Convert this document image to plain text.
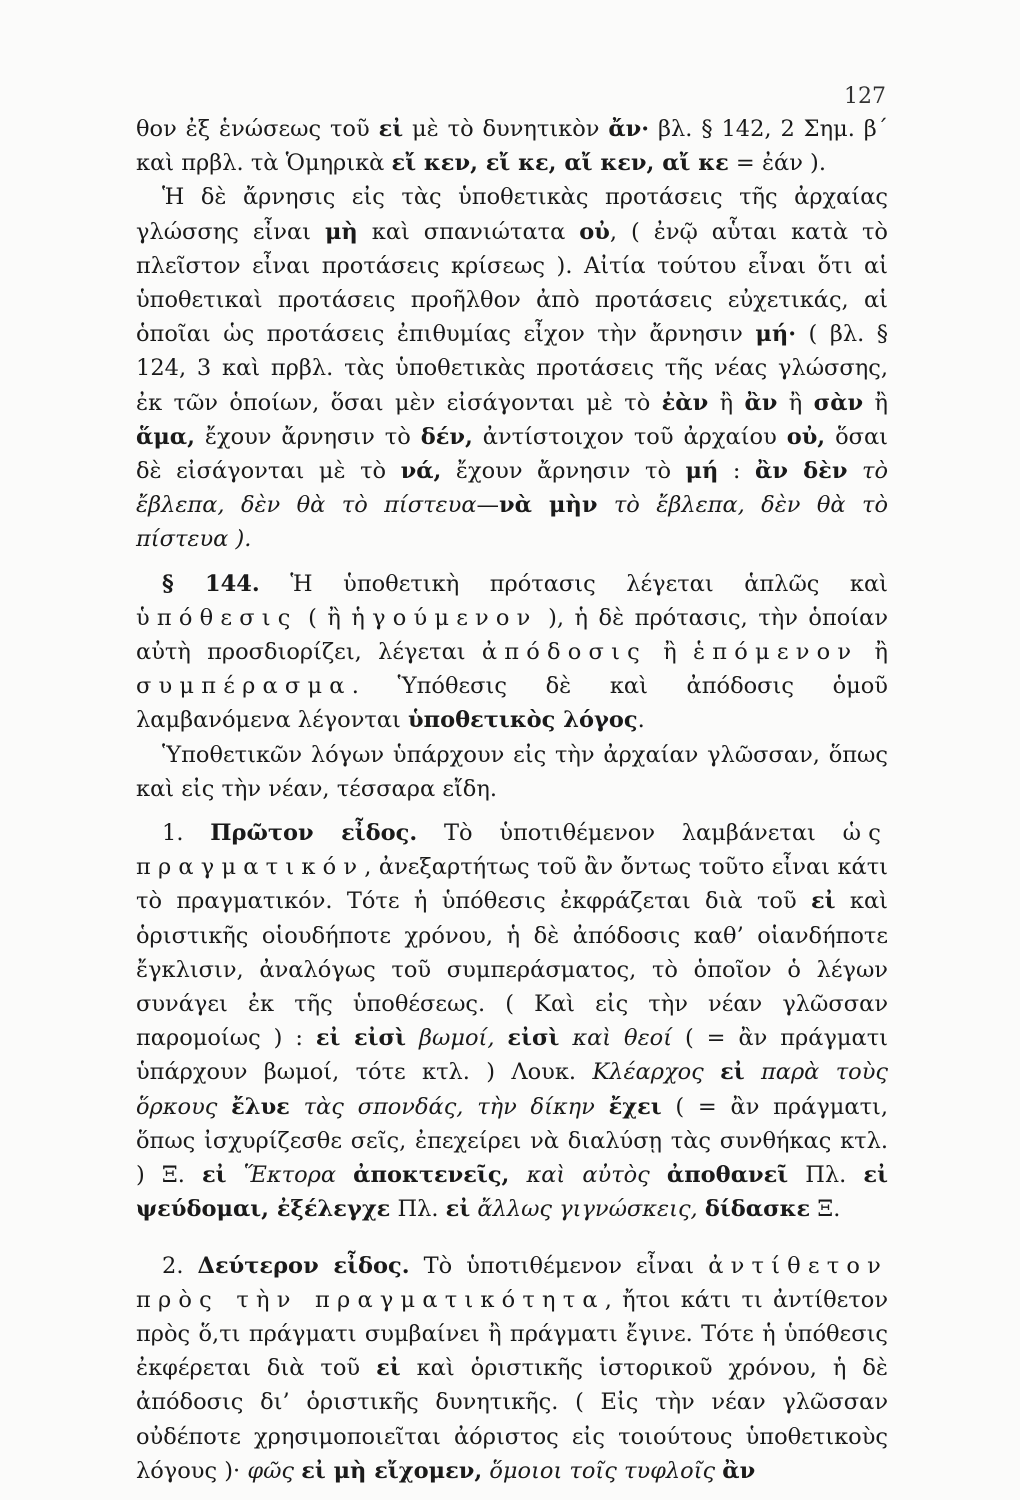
127

θον ἐξ ἑνώσεως τοῦ εἰ μὲ τὸ δυνητικὸν ἄν· βλ. § 142, 2 Σημ. β΄ καὶ πρβλ. τὰ Ὁμηρικὰ εἴ κεν, εἴ κε, αἴ κεν, αἴ κε = ἐάν ).

Ἡ δὲ ἄρνησις εἰς τὰς ὑποθετικὰς προτάσεις τῆς ἀρχαίας γλώσσης εἶναι μὴ καὶ σπανιώτατα οὐ, ( ἐνῷ αὗται κατὰ τὸ πλεῖστον εἶναι προτάσεις κρίσεως ). Αἰτία τούτου εἶναι ὅτι αἱ ὑποθετικαὶ προτάσεις προῆλθον ἀπὸ προτάσεις εὐχετικάς, αἱ ὁποῖαι ὡς προτάσεις ἐπιθυμίας εἶχον τὴν ἄρνησιν μή· ( βλ. § 124, 3 καὶ πρβλ. τὰς ὑποθετικὰς προτάσεις τῆς νέας γλώσσης, ἐκ τῶν ὁποίων, ὅσαι μὲν εἰσάγονται μὲ τὸ ἐὰν ἢ ἂν ἢ σὰν ἢ ἅμα, ἔχουν ἄρνησιν τὸ δέν, ἀντίστοιχον τοῦ ἀρχαίου οὐ, ὅσαι δὲ εἰσάγονται μὲ τὸ νά, ἔχουν ἄρνησιν τὸ μή : ἂν δὲν τὸ ἔβλεπα, δὲν θὰ τὸ πίστευα—νὰ μὴν τὸ ἔβλεπα, δὲν θὰ τὸ πίστευα ).

§ 144. Ἡ ὑποθετικὴ πρότασις λέγεται ἁπλῶς καὶ ὑπόθεσις ( ἢ ἡγούμενον ), ἡ δὲ πρότασις, τὴν ὁποίαν αὐτὴ προσδιορίζει, λέγεται ἀπόδοσις ἢ ἑπόμενον ἢ συμπέρασμα. Ὑπόθεσις δὲ καὶ ἀπόδοσις ὁμοῦ λαμβανόμενα λέγονται ὑποθετικὸς λόγος.

Ὑποθετικῶν λόγων ὑπάρχουν εἰς τὴν ἀρχαίαν γλῶσσαν, ὅπως καὶ εἰς τὴν νέαν, τέσσαρα εἴδη.

1. Πρῶτον εἶδος. Τὸ ὑποτιθέμενον λαμβάνεται ὡς πραγματικόν, ἀνεξαρτήτως τοῦ ἂν ὄντως τοῦτο εἶναι κάτι τὸ πραγματικόν. Τότε ἡ ὑπόθεσις ἐκφράζεται διὰ τοῦ εἰ καὶ ὁριστικῆς οἱουδήποτε χρόνου, ἡ δὲ ἀπόδοσις καθ’ οἱανδήποτε ἔγκλισιν, ἀναλόγως τοῦ συμπεράσματος, τὸ ὁποῖον ὁ λέγων συνάγει ἐκ τῆς ὑποθέσεως. ( Καὶ εἰς τὴν νέαν γλῶσσαν παρομοίως ) : εἰ εἰσὶ βωμοί, εἰσὶ καὶ θεοί ( = ἂν πράγματι ὑπάρχουν βωμοί, τότε κτλ. ) Λουκ. Κλέαρχος εἰ παρὰ τοὺς ὅρκους ἔλυε τὰς σπονδάς, τὴν δίκην ἔχει ( = ἂν πράγματι, ὅπως ἰσχυρίζεσθε σεῖς, ἐπεχείρει νὰ διαλύσῃ τὰς συνθήκας κτλ. ) Ξ. εἰ Ἕκτορα ἀποκτενεῖς, καὶ αὐτὸς ἀποθανεῖ Πλ. εἰ ψεύδομαι, ἐξέλεγχε Πλ. εἰ ἄλλως γιγνώσκεις, δίδασκε Ξ.

2. Δεύτερον εἶδος. Τὸ ὑποτιθέμενον εἶναι ἀντίθετον πρὸς τὴν πραγματικότητα, ἤτοι κάτι τι ἀντίθετον πρὸς ὅ,τι πράγματι συμβαίνει ἢ πράγματι ἔγινε. Τότε ἡ ὑπόθεσις ἐκφέρεται διὰ τοῦ εἰ καὶ ὁριστικῆς ἱστορικοῦ χρόνου, ἡ δὲ ἀπόδοσις δι’ ὁριστικῆς δυνητικῆς. ( Εἰς τὴν νέαν γλῶσσαν οὐδέποτε χρησιμοποιεῖται ἀόριστος εἰς τοιούτους ὑποθετικοὺς λόγους )· φῶς εἰ μὴ εἴχομεν, ὅμοιοι τοῖς τυφλοῖς ἂν
